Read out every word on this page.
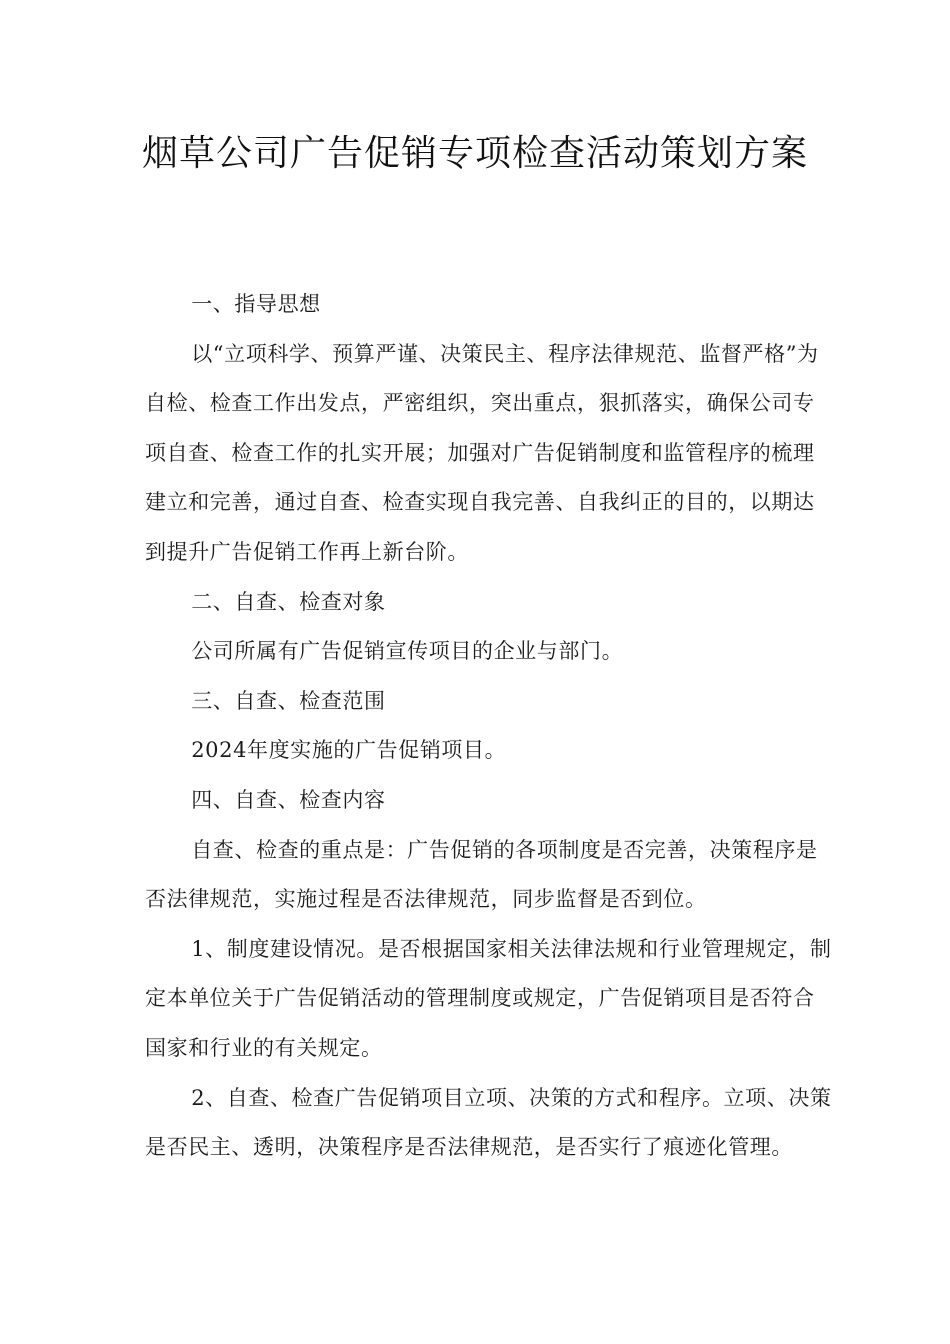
烟草公司广告促销专项检查活动策划方案

一、指导思想

以“立项科学、预算严谨、决策民主、程序法律规范、监督严格”为自检、检查工作出发点，严密组织，突出重点，狠抓落实，确保公司专项自查、检查工作的扎实开展；加强对广告促销制度和监管程序的梳理建立和完善，通过自查、检查实现自我完善、自我纠正的目的，以期达到提升广告促销工作再上新台阶。

二、自查、检查对象

公司所属有广告促销宣传项目的企业与部门。

三、自查、检查范围

2024年度实施的广告促销项目。

四、自查、检查内容

自查、检查的重点是：广告促销的各项制度是否完善，决策程序是否法律规范，实施过程是否法律规范，同步监督是否到位。

1、制度建设情况。是否根据国家相关法律法规和行业管理规定，制定本单位关于广告促销活动的管理制度或规定，广告促销项目是否符合国家和行业的有关规定。

2、自查、检查广告促销项目立项、决策的方式和程序。立项、决策是否民主、透明，决策程序是否法律规范，是否实行了痕迹化管理。
